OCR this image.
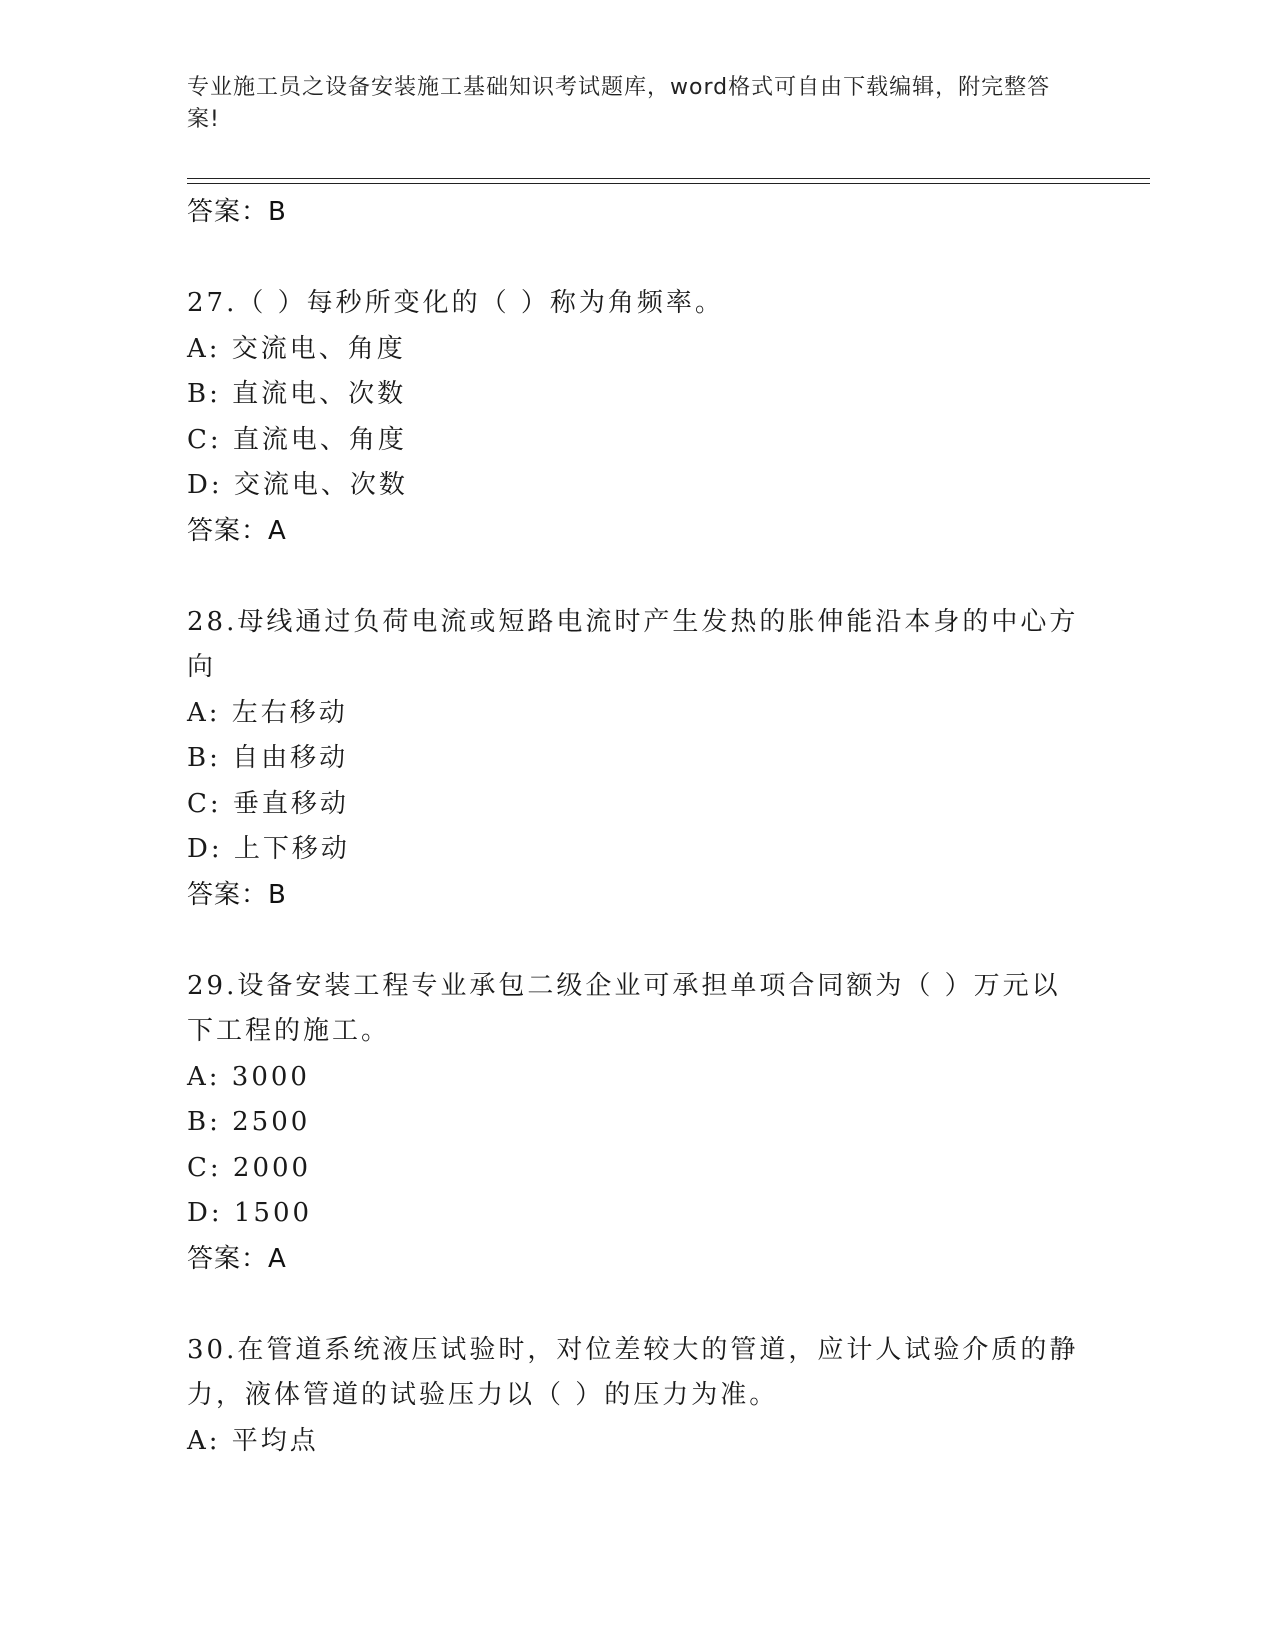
专业施工员之设备安装施工基础知识考试题库，word格式可自由下载编辑，附完整答案!
答案：B
27.（ ）每秒所变化的（ ）称为角频率。
A: 交流电、角度
B: 直流电、次数
C: 直流电、角度
D: 交流电、次数
答案：A
28.母线通过负荷电流或短路电流时产生发热的胀伸能沿本身的中心方
向
A: 左右移动
B: 自由移动
C: 垂直移动
D: 上下移动
答案：B
29.设备安装工程专业承包二级企业可承担单项合同额为（ ）万元以
下工程的施工。
A: 3000
B: 2500
C: 2000
D: 1500
答案：A
30.在管道系统液压试验时，对位差较大的管道，应计人试验介质的静
力，液体管道的试验压力以（ ）的压力为准。
A: 平均点
